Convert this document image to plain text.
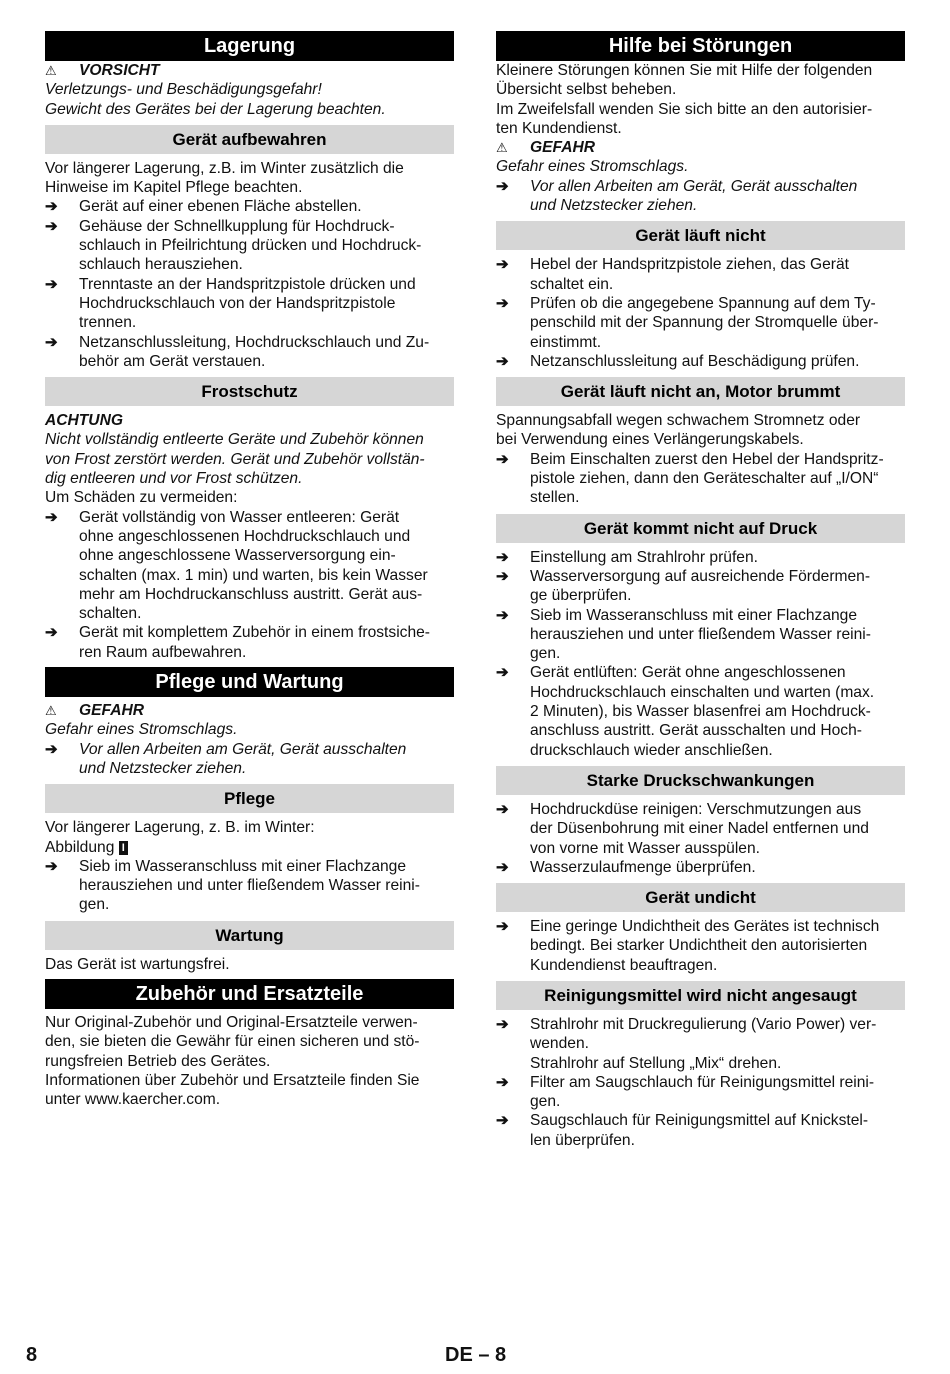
Lagerung
⚠	VORSICHT
Verletzungs- und Beschädigungsgefahr!
Gewicht des Gerätes bei der Lagerung beachten.
Gerät aufbewahren
Vor längerer Lagerung, z.B. im Winter zusätzlich die
Hinweise im Kapitel Pflege beachten.
➔	Gerät auf einer ebenen Fläche abstellen.
➔	Gehäuse der Schnellkupplung für Hochdruck-
schlauch in Pfeilrichtung drücken und Hochdruck-
schlauch herausziehen.
➔	Trenntaste an der Handspritzpistole drücken und
Hochdruckschlauch von der Handspritzpistole
trennen.
➔	Netzanschlussleitung, Hochdruckschlauch und Zu-
behör am Gerät verstauen.
Frostschutz
ACHTUNG
Nicht vollständig entleerte Geräte und Zubehör können
von Frost zerstört werden. Gerät und Zubehör vollstän-
dig entleeren und vor Frost schützen.
Um Schäden zu vermeiden:
➔	Gerät vollständig von Wasser entleeren: Gerät
ohne angeschlossenen Hochdruckschlauch und
ohne angeschlossene Wasserversorgung ein-
schalten (max. 1 min) und warten, bis kein Wasser
mehr am Hochdruckanschluss austritt. Gerät aus-
schalten.
➔	Gerät mit komplettem Zubehör in einem frostsiche-
ren Raum aufbewahren.
Pflege und Wartung
⚠	GEFAHR
Gefahr eines Stromschlags.
➔	Vor allen Arbeiten am Gerät, Gerät ausschalten
und Netzstecker ziehen.
Pflege
Vor längerer Lagerung, z. B. im Winter:
Abbildung I
➔	Sieb im Wasseranschluss mit einer Flachzange
herausziehen und unter fließendem Wasser reini-
gen.
Wartung
Das Gerät ist wartungsfrei.
Zubehör und Ersatzteile
Nur Original-Zubehör und Original-Ersatzteile verwen-
den, sie bieten die Gewähr für einen sicheren und stö-
rungsfreien Betrieb des Gerätes.
Informationen über Zubehör und Ersatzteile finden Sie
unter www.kaercher.com.
Hilfe bei Störungen
Kleinere Störungen können Sie mit Hilfe der folgenden
Übersicht selbst beheben.
Im Zweifelsfall wenden Sie sich bitte an den autorisier-
ten Kundendienst.
⚠	GEFAHR
Gefahr eines Stromschlags.
➔	Vor allen Arbeiten am Gerät, Gerät ausschalten
und Netzstecker ziehen.
Gerät läuft nicht
➔	Hebel der Handspritzpistole ziehen, das Gerät
schaltet ein.
➔	Prüfen ob die angegebene Spannung auf dem Ty-
penschild mit der Spannung der Stromquelle über-
einstimmt.
➔	Netzanschlussleitung auf Beschädigung prüfen.
Gerät läuft nicht an, Motor brummt
Spannungsabfall wegen schwachem Stromnetz oder
bei Verwendung eines Verlängerungskabels.
➔	Beim Einschalten zuerst den Hebel der Handspritz-
pistole ziehen, dann den Geräteschalter auf „I/ON“
stellen.
Gerät kommt nicht auf Druck
➔	Einstellung am Strahlrohr prüfen.
➔	Wasserversorgung auf ausreichende Fördermen-
ge überprüfen.
➔	Sieb im Wasseranschluss mit einer Flachzange
herausziehen und unter fließendem Wasser reini-
gen.
➔	Gerät entlüften: Gerät ohne angeschlossenen
Hochdruckschlauch einschalten und warten (max.
2 Minuten), bis Wasser blasenfrei am Hochdruck-
anschluss austritt. Gerät ausschalten und Hoch-
druckschlauch wieder anschließen.
Starke Druckschwankungen
➔	Hochdruckdüse reinigen: Verschmutzungen aus
der Düsenbohrung mit einer Nadel entfernen und
von vorne mit Wasser ausspülen.
➔	Wasserzulaufmenge überprüfen.
Gerät undicht
➔	Eine geringe Undichtheit des Gerätes ist technisch
bedingt. Bei starker Undichtheit den autorisierten
Kundendienst beauftragen.
Reinigungsmittel wird nicht angesaugt
➔	Strahlrohr mit Druckregulierung (Vario Power) ver-
wenden.
Strahlrohr auf Stellung „Mix“ drehen.
➔	Filter am Saugschlauch für Reinigungsmittel reini-
gen.
➔	Saugschlauch für Reinigungsmittel auf Knickstel-
len überprüfen.
8	DE – 8
